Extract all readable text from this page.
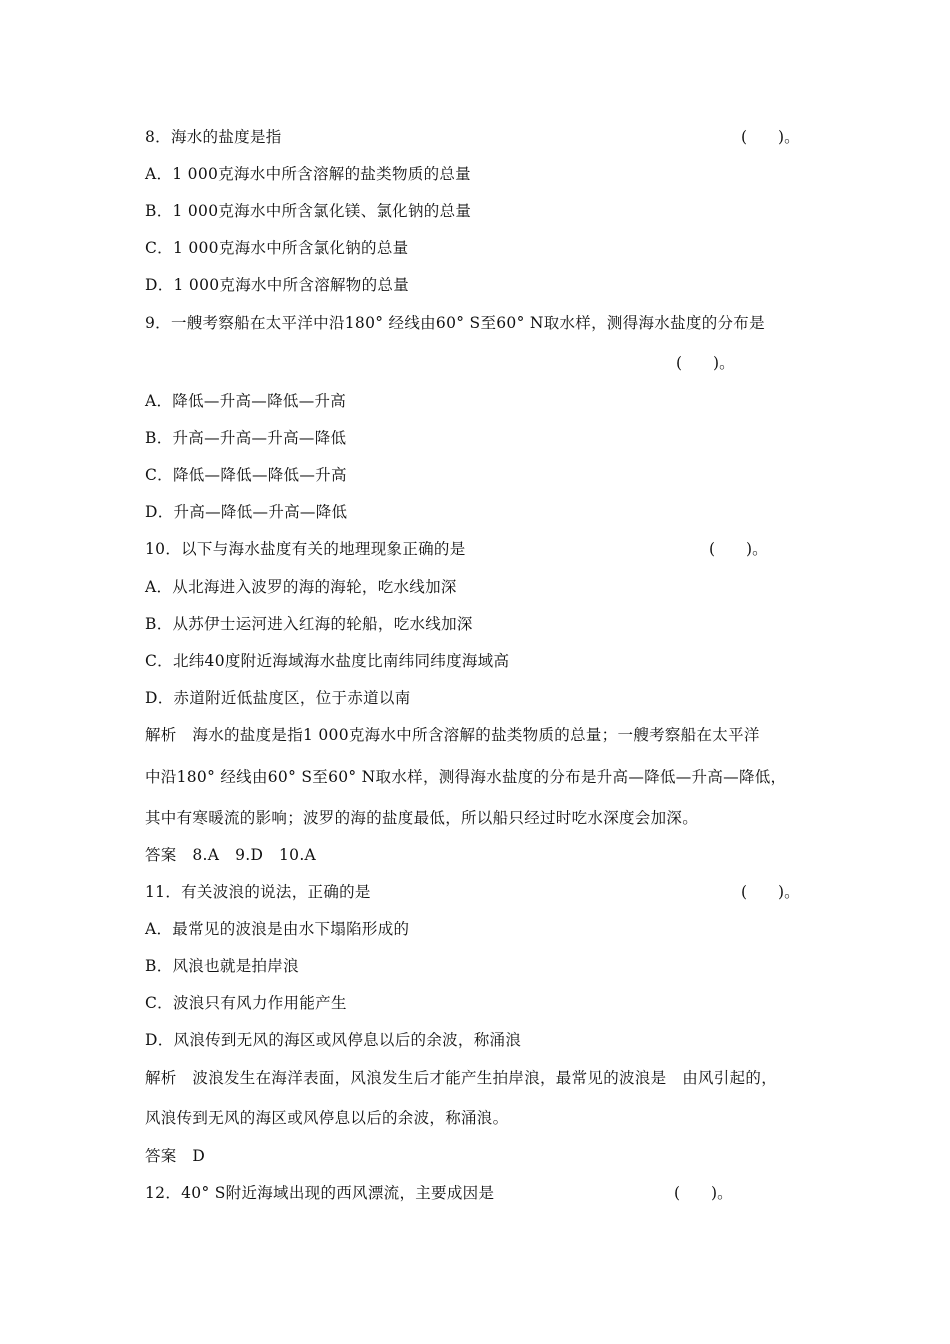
8．海水的盐度是指	(　　)。
A．1 000克海水中所含溶解的盐类物质的总量
B．1 000克海水中所含氯化镁、氯化钠的总量
C．1 000克海水中所含氯化钠的总量
D．1 000克海水中所含溶解物的总量
9．一艘考察船在太平洋中沿180° 经线由60° S至60° N取水样，测得海水盐度的分布是
(　　)。
A．降低—升高—降低—升高
B．升高—升高—升高—降低
C．降低—降低—降低—升高
D．升高—降低—升高—降低
10．以下与海水盐度有关的地理现象正确的是	(　　)。
A．从北海进入波罗的海的海轮，吃水线加深
B．从苏伊士运河进入红海的轮船，吃水线加深
C．北纬40度附近海域海水盐度比南纬同纬度海域高
D．赤道附近低盐度区，位于赤道以南
解析　海水的盐度是指1 000克海水中所含溶解的盐类物质的总量；一艘考察船在太平洋
中沿180° 经线由60° S至60° N取水样，测得海水盐度的分布是升高—降低—升高—降低，
其中有寒暖流的影响；波罗的海的盐度最低，所以船只经过时吃水深度会加深。
答案　8.A　9.D　10.A
11．有关波浪的说法，正确的是	(　　)。
A．最常见的波浪是由水下塌陷形成的
B．风浪也就是拍岸浪
C．波浪只有风力作用能产生
D．风浪传到无风的海区或风停息以后的余波，称涌浪
解析　波浪发生在海洋表面，风浪发生后才能产生拍岸浪，最常见的波浪是　由风引起的，
风浪传到无风的海区或风停息以后的余波，称涌浪。
答案　D
12．40° S附近海域出现的西风漂流，主要成因是	(　　)。
